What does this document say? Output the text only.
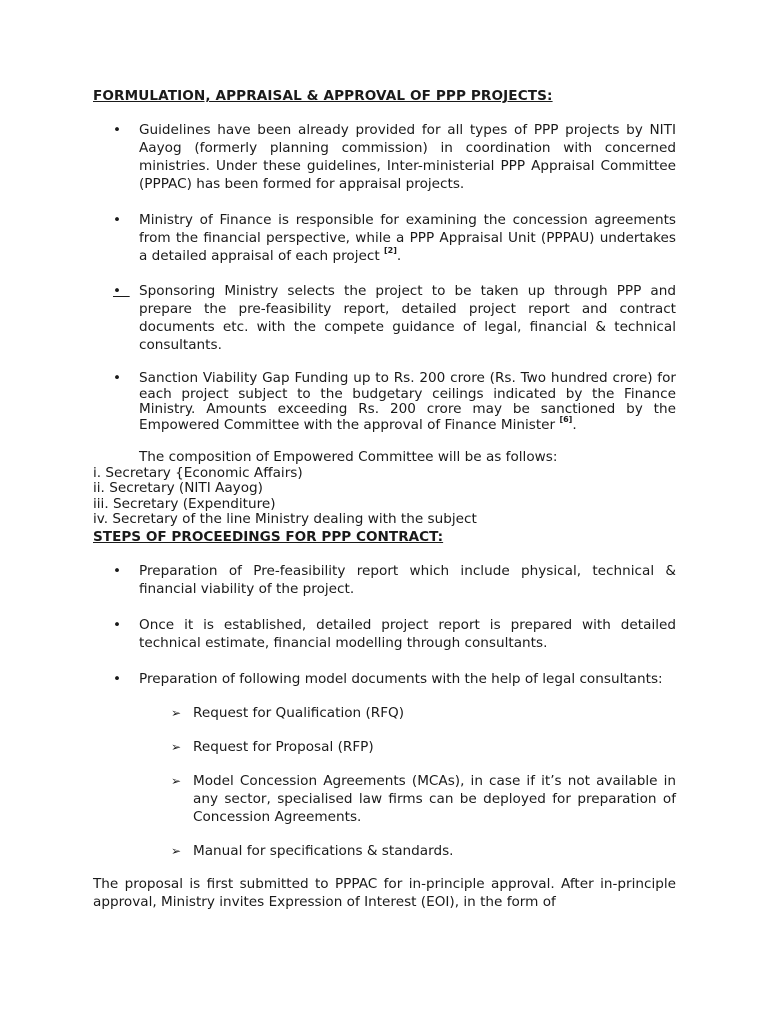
FORMULATION, APPRAISAL & APPROVAL OF PPP PROJECTS:
• Guidelines have been already provided for all types of PPP projects by NITI Aayog (formerly planning commission) in coordination with concerned ministries. Under these guidelines, Inter-ministerial PPP Appraisal Committee (PPPAC) has been formed for appraisal projects.
• Ministry of Finance is responsible for examining the concession agreements from the financial perspective, while a PPP Appraisal Unit (PPPAU) undertakes a detailed appraisal of each project [2].
• Sponsoring Ministry selects the project to be taken up through PPP and prepare the pre-feasibility report, detailed project report and contract documents etc. with the compete guidance of legal, financial & technical consultants.
• Sanction Viability Gap Funding up to Rs. 200 crore (Rs. Two hundred crore) for each project subject to the budgetary ceilings indicated by the Finance Ministry. Amounts exceeding Rs. 200 crore may be sanctioned by the Empowered Committee with the approval of Finance Minister [6].
The composition of Empowered Committee will be as follows:
i. Secretary {Economic Affairs)
ii. Secretary (NITI Aayog)
iii. Secretary (Expenditure)
iv. Secretary of the line Ministry dealing with the subject
STEPS OF PROCEEDINGS FOR PPP CONTRACT:
• Preparation of Pre-feasibility report which include physical, technical & financial viability of the project.
• Once it is established, detailed project report is prepared with detailed technical estimate, financial modelling through consultants.
• Preparation of following model documents with the help of legal consultants:
➢ Request for Qualification (RFQ)
➢ Request for Proposal (RFP)
➢ Model Concession Agreements (MCAs), in case if it’s not available in any sector, specialised law firms can be deployed for preparation of Concession Agreements.
➢ Manual for specifications & standards.

The proposal is first submitted to PPPAC for in-principle approval. After in-principle approval, Ministry invites Expression of Interest (EOI), in the form of
